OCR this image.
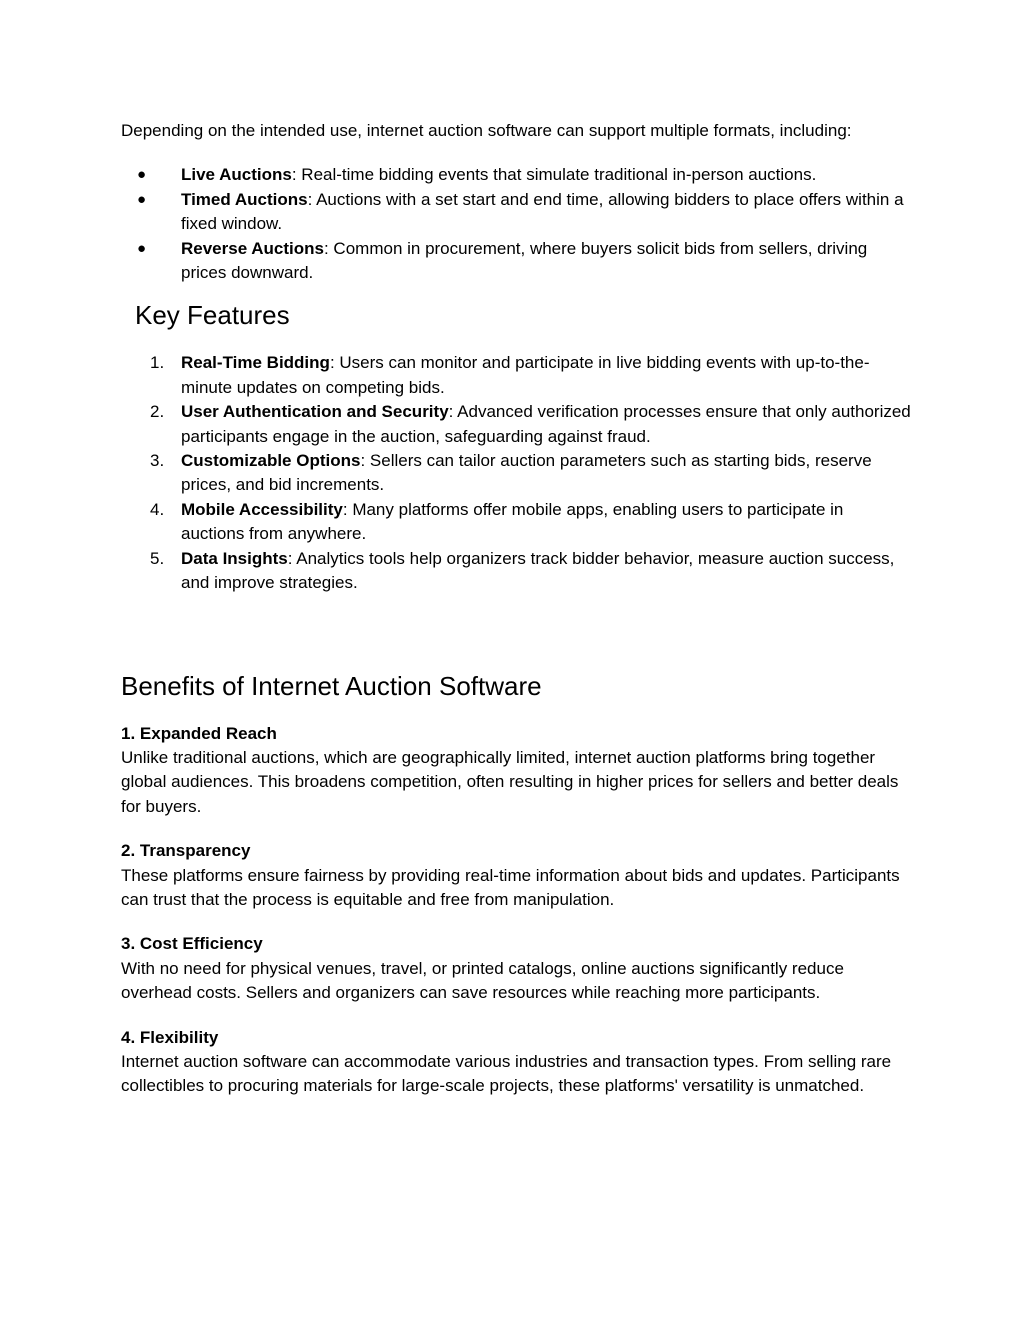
Depending on the intended use, internet auction software can support multiple formats, including:

● Live Auctions: Real-time bidding events that simulate traditional in-person auctions.
● Timed Auctions: Auctions with a set start and end time, allowing bidders to place offers within a fixed window.
● Reverse Auctions: Common in procurement, where buyers solicit bids from sellers, driving prices downward.
Key Features
1. Real-Time Bidding: Users can monitor and participate in live bidding events with up-to-the-minute updates on competing bids.
2. User Authentication and Security: Advanced verification processes ensure that only authorized participants engage in the auction, safeguarding against fraud.
3. Customizable Options: Sellers can tailor auction parameters such as starting bids, reserve prices, and bid increments.
4. Mobile Accessibility: Many platforms offer mobile apps, enabling users to participate in auctions from anywhere.
5. Data Insights: Analytics tools help organizers track bidder behavior, measure auction success, and improve strategies.
Benefits of Internet Auction Software

1. Expanded Reach

Unlike traditional auctions, which are geographically limited, internet auction platforms bring together global audiences. This broadens competition, often resulting in higher prices for sellers and better deals for buyers.

2. Transparency

These platforms ensure fairness by providing real-time information about bids and updates. Participants can trust that the process is equitable and free from manipulation.

3. Cost Efficiency

With no need for physical venues, travel, or printed catalogs, online auctions significantly reduce overhead costs. Sellers and organizers can save resources while reaching more participants.

4. Flexibility

Internet auction software can accommodate various industries and transaction types. From selling rare collectibles to procuring materials for large-scale projects, these platforms' versatility is unmatched.
